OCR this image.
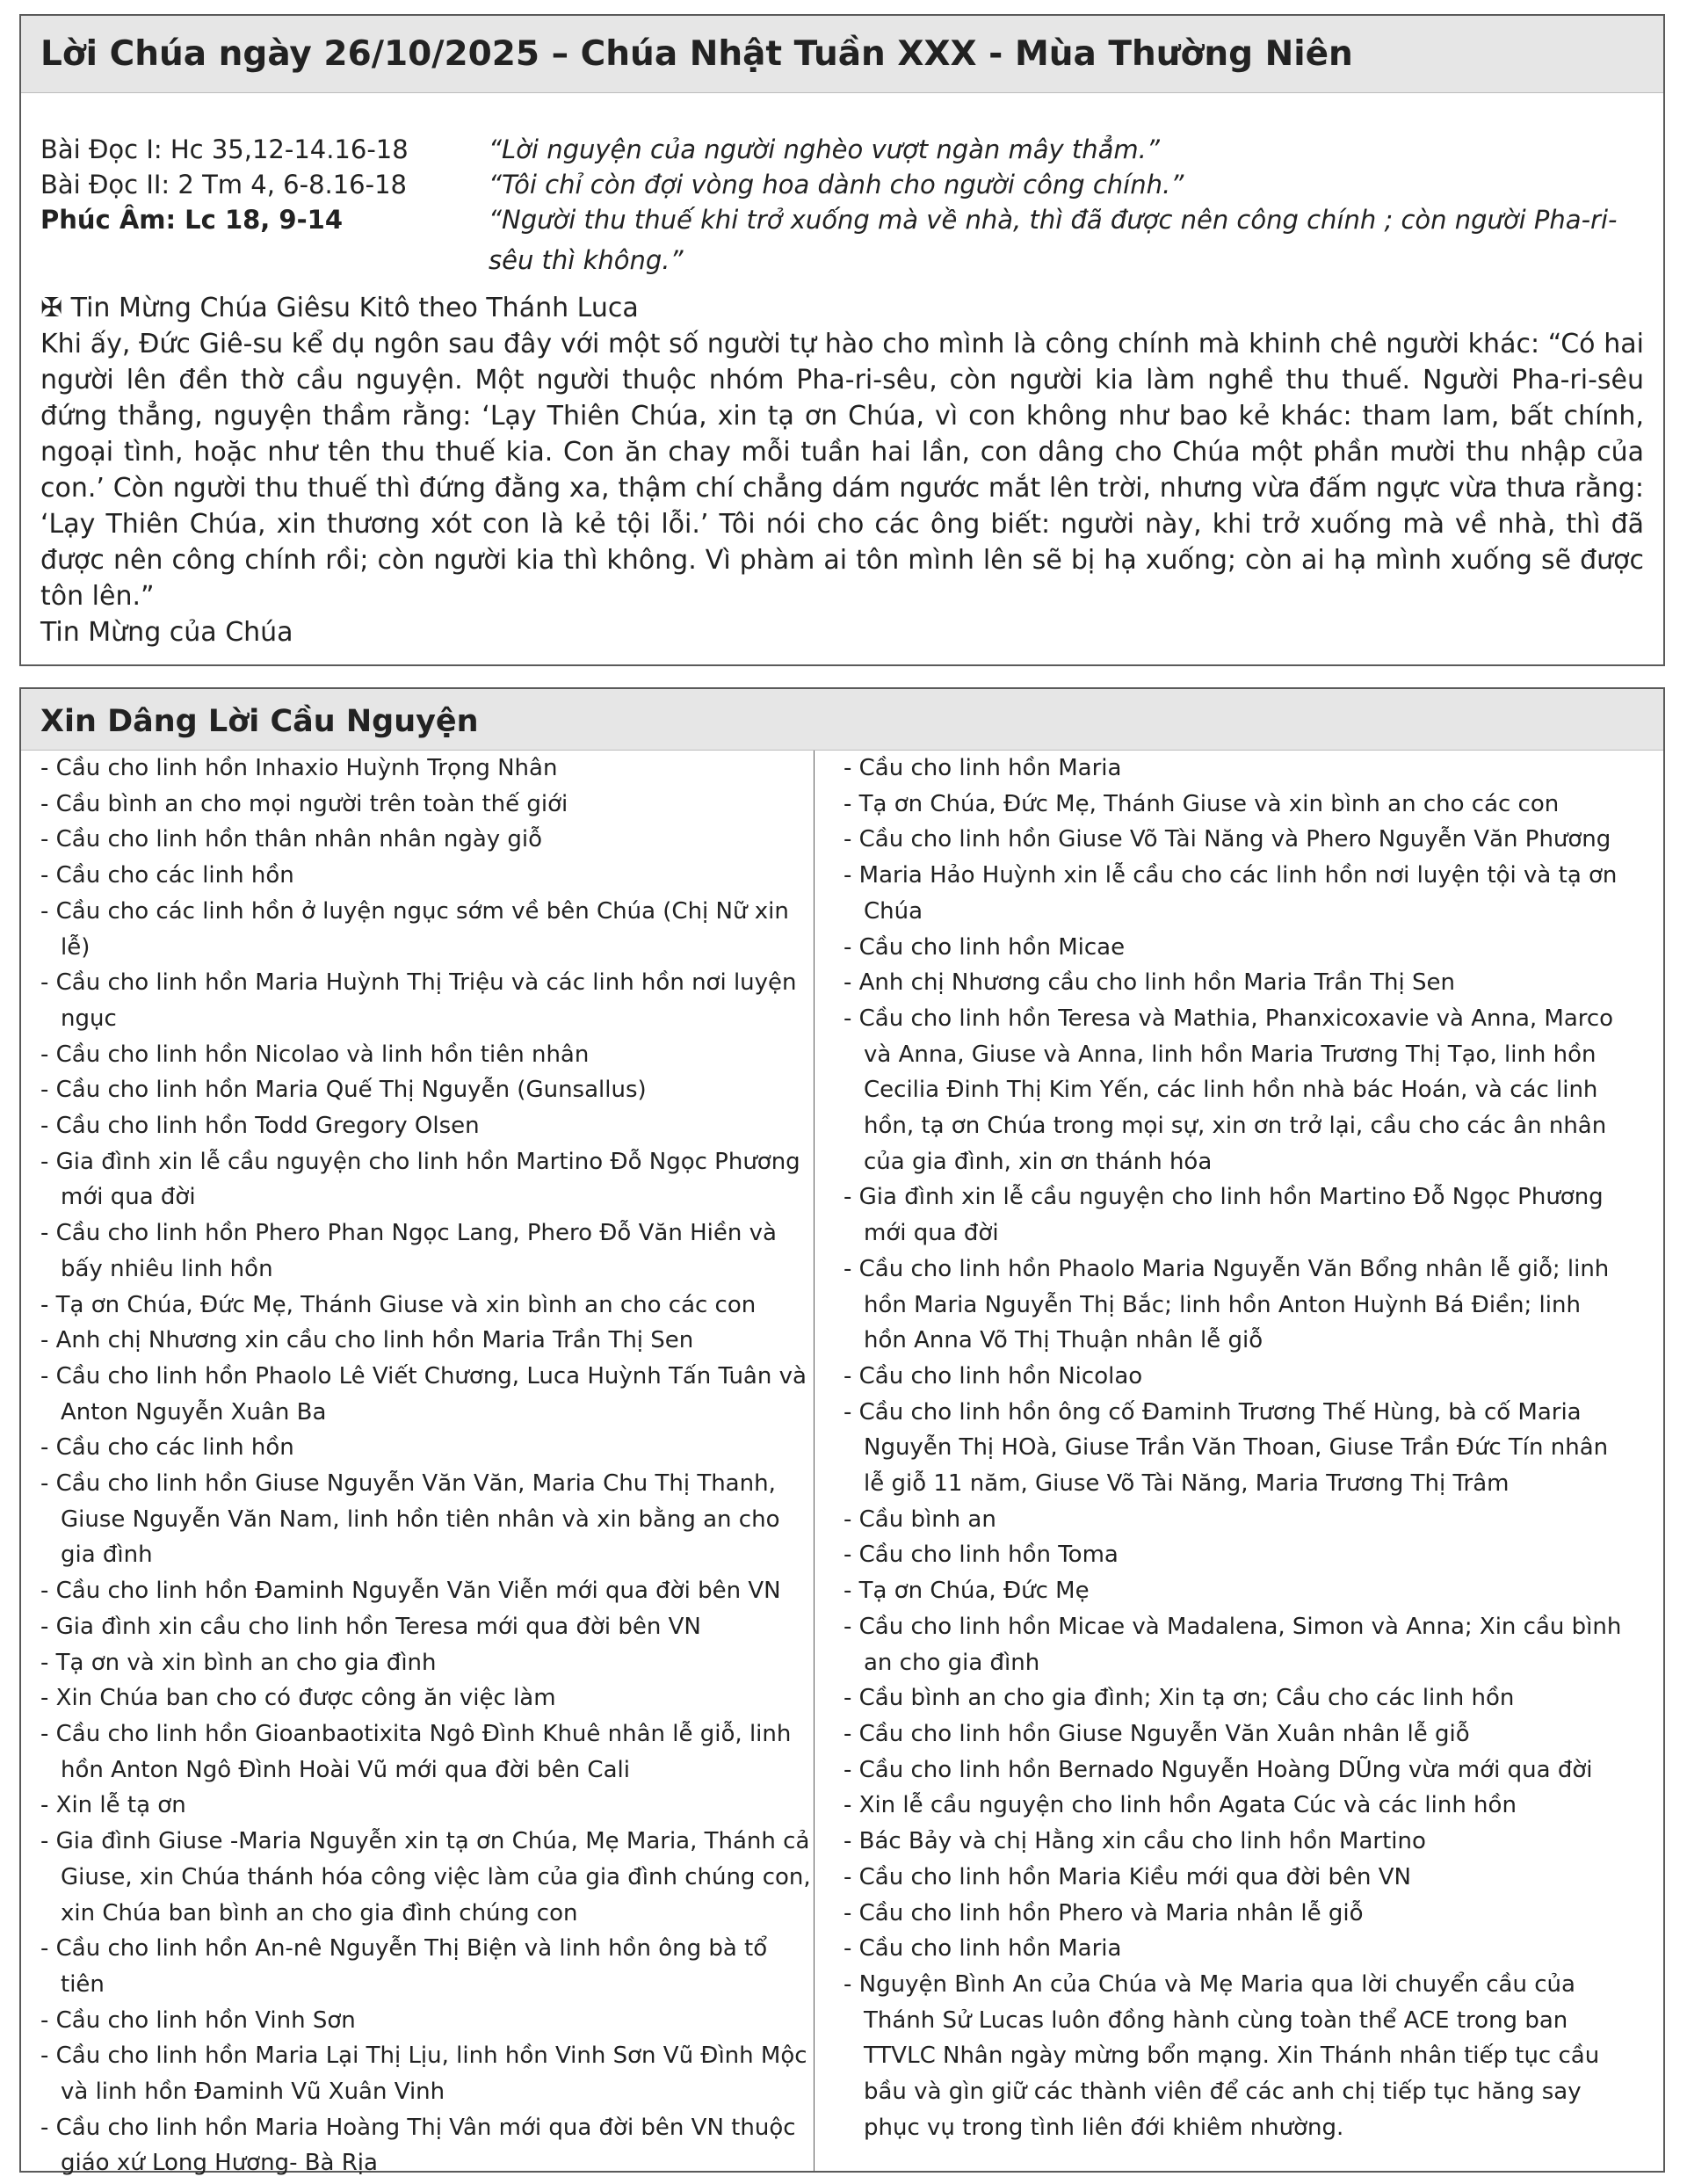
Lời Chúa ngày 26/10/2025 – Chúa Nhật Tuần XXX - Mùa Thường Niên
Bài Đọc I: Hc 35,12-14.16-18	“Lời nguyện của người nghèo vượt ngàn mây thẳm.”
Bài Đọc II: 2 Tm 4, 6-8.16-18	“Tôi chỉ còn đợi vòng hoa dành cho người công chính.”
Phúc Âm: Lc 18, 9-14	“Người thu thuế khi trở xuống mà về nhà, thì đã được nên công chính ; còn người Pha-ri-sêu thì không.”
✠ Tin Mừng Chúa Giêsu Kitô theo Thánh Luca
Khi ấy, Đức Giê-su kể dụ ngôn sau đây với một số người tự hào cho mình là công chính mà khinh chê người khác: “Có hai người lên đền thờ cầu nguyện. Một người thuộc nhóm Pha-ri-sêu, còn người kia làm nghề thu thuế. Người Pha-ri-sêu đứng thẳng, nguyện thầm rằng: ‘Lạy Thiên Chúa, xin tạ ơn Chúa, vì con không như bao kẻ khác: tham lam, bất chính, ngoại tình, hoặc như tên thu thuế kia. Con ăn chay mỗi tuần hai lần, con dâng cho Chúa một phần mười thu nhập của con.’ Còn người thu thuế thì đứng đằng xa, thậm chí chẳng dám ngước mắt lên trời, nhưng vừa đấm ngực vừa thưa rằng: ‘Lạy Thiên Chúa, xin thương xót con là kẻ tội lỗi.’ Tôi nói cho các ông biết: người này, khi trở xuống mà về nhà, thì đã được nên công chính rồi; còn người kia thì không. Vì phàm ai tôn mình lên sẽ bị hạ xuống; còn ai hạ mình xuống sẽ được tôn lên.”
Tin Mừng của Chúa
Xin Dâng Lời Cầu Nguyện
- Cầu cho linh hồn Inhaxio Huỳnh Trọng Nhân
- Cầu bình an cho mọi người trên toàn thế giới
- Cầu cho linh hồn thân nhân nhân ngày giỗ
- Cầu cho các linh hồn
- Cầu cho các linh hồn ở luyện ngục sớm về bên Chúa (Chị Nữ xin lễ)
- Cầu cho linh hồn Maria Huỳnh Thị Triệu và các linh hồn nơi luyện ngục
- Cầu cho linh hồn Nicolao và linh hồn tiên nhân
- Cầu cho linh hồn Maria Quế Thị Nguyễn (Gunsallus)
- Cầu cho linh hồn Todd Gregory Olsen
- Gia đình xin lễ cầu nguyện cho linh hồn Martino Đỗ Ngọc Phương mới qua đời
- Cầu cho linh hồn Phero Phan Ngọc Lang, Phero Đỗ Văn Hiền và bấy nhiêu linh hồn
- Tạ ơn Chúa, Đức Mẹ, Thánh Giuse và xin bình an cho các con
- Anh chị Nhương xin cầu cho linh hồn Maria Trần Thị Sen
- Cầu cho linh hồn Phaolo Lê Viết Chương, Luca Huỳnh Tấn Tuân và Anton Nguyễn Xuân Ba
- Cầu cho các linh hồn
- Cầu cho linh hồn Giuse Nguyễn Văn Văn, Maria Chu Thị Thanh, Giuse Nguyễn Văn Nam, linh hồn tiên nhân và xin bằng an cho gia đình
- Cầu cho linh hồn Đaminh Nguyễn Văn Viễn mới qua đời bên VN
- Gia đình xin cầu cho linh hồn Teresa mới qua đời bên VN
- Tạ ơn và xin bình an cho gia đình
- Xin Chúa ban cho có được công ăn việc làm
- Cầu cho linh hồn Gioanbaotixita Ngô Đình Khuê nhân lễ giỗ, linh hồn Anton Ngô Đình Hoài Vũ mới qua đời bên Cali
- Xin lễ tạ ơn
- Gia đình Giuse -Maria Nguyễn xin tạ ơn Chúa, Mẹ Maria, Thánh cả Giuse, xin Chúa thánh hóa công việc làm của gia đình chúng con, xin Chúa ban bình an cho gia đình chúng con
- Cầu cho linh hồn An-nê Nguyễn Thị Biện và linh hồn ông bà tổ tiên
- Cầu cho linh hồn Vinh Sơn
- Cầu cho linh hồn Maria Lại Thị Lịu, linh hồn Vinh Sơn Vũ Đình Mộc và linh hồn Đaminh Vũ Xuân Vinh
- Cầu cho linh hồn Maria Hoàng Thị Vân mới qua đời bên VN thuộc giáo xứ Long Hương- Bà Rịa
- Cầu cho linh hồn Maria
- Tạ ơn Chúa, Đức Mẹ, Thánh Giuse và xin bình an cho các con
- Cầu cho linh hồn Giuse Võ Tài Năng và Phero Nguyễn Văn Phương
- Maria Hảo Huỳnh xin lễ cầu cho các linh hồn nơi luyện tội và tạ ơn Chúa
- Cầu cho linh hồn Micae
- Anh chị Nhương cầu cho linh hồn Maria Trần Thị Sen
- Cầu cho linh hồn Teresa và Mathia, Phanxicoxavie và Anna, Marco và Anna, Giuse và Anna, linh hồn Maria Trương Thị Tạo, linh hồn Cecilia Đinh Thị Kim Yến, các linh hồn nhà bác Hoán, và các linh hồn, tạ ơn Chúa trong mọi sự, xin ơn trở lại, cầu cho các ân nhân của gia đình, xin ơn thánh hóa
- Gia đình xin lễ cầu nguyện cho linh hồn Martino Đỗ Ngọc Phương mới qua đời
- Cầu cho linh hồn Phaolo Maria Nguyễn Văn Bổng nhân lễ giỗ; linh hồn Maria Nguyễn Thị Bắc; linh hồn Anton Huỳnh Bá Điền; linh hồn Anna Võ Thị Thuận nhân lễ giỗ
- Cầu cho linh hồn Nicolao
- Cầu cho linh hồn ông cố Đaminh Trương Thế Hùng, bà cố Maria Nguyễn Thị HOà, Giuse Trần Văn Thoan, Giuse Trần Đức Tín nhân lễ giỗ 11 năm, Giuse Võ Tài Năng, Maria Trương Thị Trâm
- Cầu bình an
- Cầu cho linh hồn Toma
- Tạ ơn Chúa, Đức Mẹ
- Cầu cho linh hồn Micae và Madalena, Simon và Anna; Xin cầu bình an cho gia đình
- Cầu bình an cho gia đình; Xin tạ ơn; Cầu cho các linh hồn
- Cầu cho linh hồn Giuse Nguyễn Văn Xuân nhân lễ giỗ
- Cầu cho linh hồn Bernado Nguyễn Hoàng DŨng vừa mới qua đời
- Xin lễ cầu nguyện cho linh hồn Agata Cúc và các linh hồn
- Bác Bảy và chị Hằng xin cầu cho linh hồn Martino
- Cầu cho linh hồn Maria Kiều mới qua đời bên VN
- Cầu cho linh hồn Phero và Maria nhân lễ giỗ
- Cầu cho linh hồn Maria
- Nguyện Bình An của Chúa và Mẹ Maria qua lời chuyển cầu của Thánh Sử Lucas luôn đồng hành cùng toàn thể ACE trong ban TTVLC Nhân ngày mừng bổn mạng. Xin Thánh nhân tiếp tục cầu bầu và gìn giữ các thành viên để các anh chị tiếp tục hăng say phục vụ trong tình liên đới khiêm nhường.
